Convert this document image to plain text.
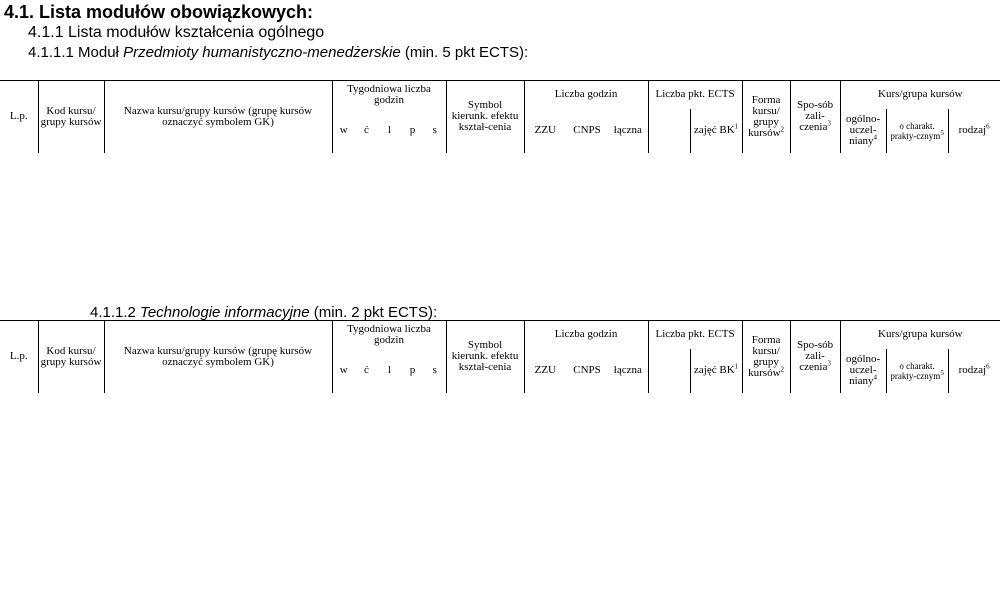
4.1. Lista modułów obowiązkowych:
4.1.1 Lista modułów kształcenia ogólnego
4.1.1.1 Moduł Przedmioty humanistyczno-menedżerskie (min. 5 pkt ECTS):
L.p.	Kod kursu/ grupy kursów	Nazwa kursu/grupy kursów (grupę kursów
oznaczyć symbolem GK)	Tygodniowa liczba godzin					Symbol kierunk. efektu kształ-cenia	Liczba godzin			Liczba pkt. ECTS		Forma kursu/ grupy kursów$^2$	Spo-sób zali-czenia$^3$	Kurs/grupa kursów			
			w	ć	l	p	s		ZZU	CNPS	łączna		zajęć $BK^1$			ogólno-uczel-niany$^4$	o charakt. prakty-cznym$^5$	rodzaj$^6$	

4.1.1.2 Technologie informacyjne (min. 2 pkt ECTS):
L.p.	Kod kursu/ grupy kursów	Nazwa kursu/grupy kursów (grupę kursów
oznaczyć symbolem GK)	Tygodniowa liczba godzin					Symbol kierunk. efektu kształ-cenia	Liczba godzin			Liczba pkt. ECTS		Forma kursu/ grupy kursów$^2$	Spo-sób zali-czenia$^3$	Kurs/grupa kursów			
			w	ć	l	p	s		ZZU	CNPS	łączna		zajęć $BK^1$			ogólno-uczel-niany$^4$	o charakt. prakty-cznym$^5$	rodzaj$^6$	
